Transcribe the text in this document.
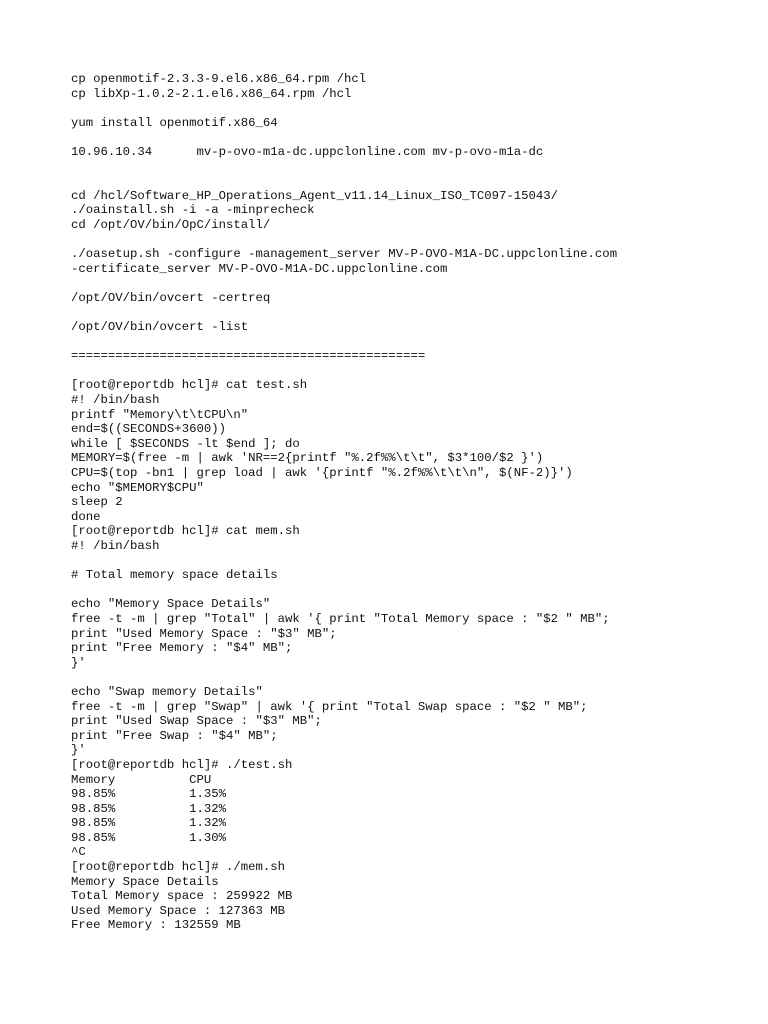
cp openmotif-2.3.3-9.el6.x86_64.rpm /hcl
cp libXp-1.0.2-2.1.el6.x86_64.rpm /hcl
yum install openmotif.x86_64
10.96.10.34      mv-p-ovo-m1a-dc.uppclonline.com mv-p-ovo-m1a-dc
cd /hcl/Software_HP_Operations_Agent_v11.14_Linux_ISO_TC097-15043/
./oainstall.sh -i -a -minprecheck
cd /opt/OV/bin/OpC/install/
./oasetup.sh -configure -management_server MV-P-OVO-M1A-DC.uppclonline.com
-certificate_server MV-P-OVO-M1A-DC.uppclonline.com
/opt/OV/bin/ovcert -certreq
/opt/OV/bin/ovcert -list
================================================
[root@reportdb hcl]# cat test.sh
#! /bin/bash
printf "Memory\t\tCPU\n"
end=$((SECONDS+3600))
while [ $SECONDS -lt $end ]; do
MEMORY=$(free -m | awk 'NR==2{printf "%.2f%%\t\t", $3*100/$2 }')
CPU=$(top -bn1 | grep load | awk '{printf "%.2f%%\t\t\n", $(NF-2)}')
echo "$MEMORY$CPU"
sleep 2
done
[root@reportdb hcl]# cat mem.sh
#! /bin/bash
# Total memory space details
echo "Memory Space Details"
free -t -m | grep "Total" | awk '{ print "Total Memory space : "$2 " MB";
print "Used Memory Space : "$3" MB";
print "Free Memory : "$4" MB";
}'
echo "Swap memory Details"
free -t -m | grep "Swap" | awk '{ print "Total Swap space : "$2 " MB";
print "Used Swap Space : "$3" MB";
print "Free Swap : "$4" MB";
}'
[root@reportdb hcl]# ./test.sh
Memory          CPU
98.85%          1.35%
98.85%          1.32%
98.85%          1.32%
98.85%          1.30%
^C
[root@reportdb hcl]# ./mem.sh
Memory Space Details
Total Memory space : 259922 MB
Used Memory Space : 127363 MB
Free Memory : 132559 MB
